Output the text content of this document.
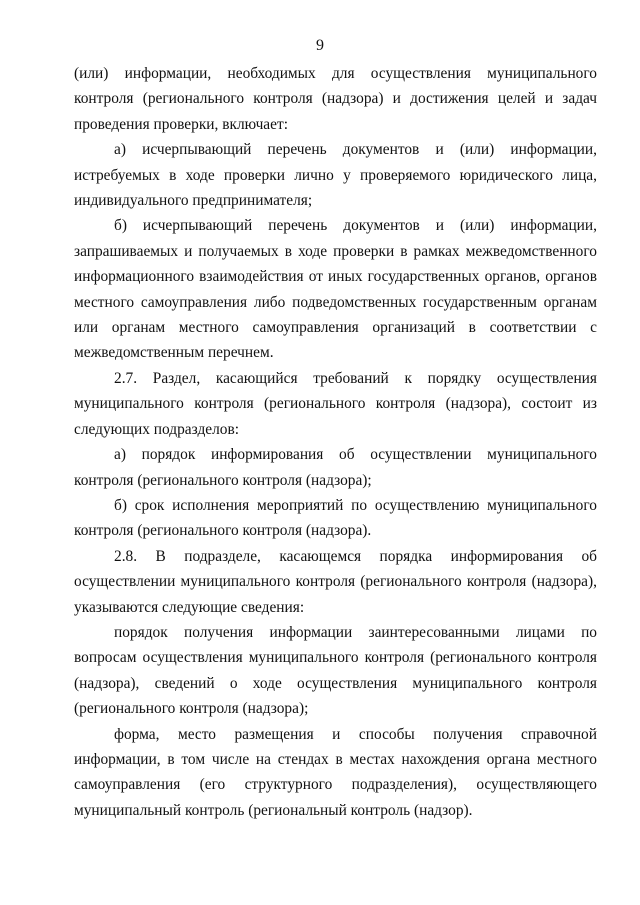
9

(или) информации, необходимых для осуществления муниципального контроля (регионального контроля (надзора) и достижения целей и задач проведения проверки, включает:

а) исчерпывающий перечень документов и (или) информации, истребуемых в ходе проверки лично у проверяемого юридического лица, индивидуального предпринимателя;

б) исчерпывающий перечень документов и (или) информации, запрашиваемых и получаемых в ходе проверки в рамках межведомственного информационного взаимодействия от иных государственных органов, органов местного самоуправления либо подведомственных государственным органам или органам местного самоуправления организаций в соответствии с межведомственным перечнем.

2.7. Раздел, касающийся требований к порядку осуществления муниципального контроля (регионального контроля (надзора), состоит из следующих подразделов:

а) порядок информирования об осуществлении муниципального контроля (регионального контроля (надзора);

б) срок исполнения мероприятий по осуществлению муниципального контроля (регионального контроля (надзора).

2.8. В подразделе, касающемся порядка информирования об осуществлении муниципального контроля (регионального контроля (надзора), указываются следующие сведения:

порядок получения информации заинтересованными лицами по вопросам осуществления муниципального контроля (регионального контроля (надзора), сведений о ходе осуществления муниципального контроля (регионального контроля (надзора);

форма, место размещения и способы получения справочной информации, в том числе на стендах в местах нахождения органа местного самоуправления (его структурного подразделения), осуществляющего муниципальный контроль (региональный контроль (надзор).
